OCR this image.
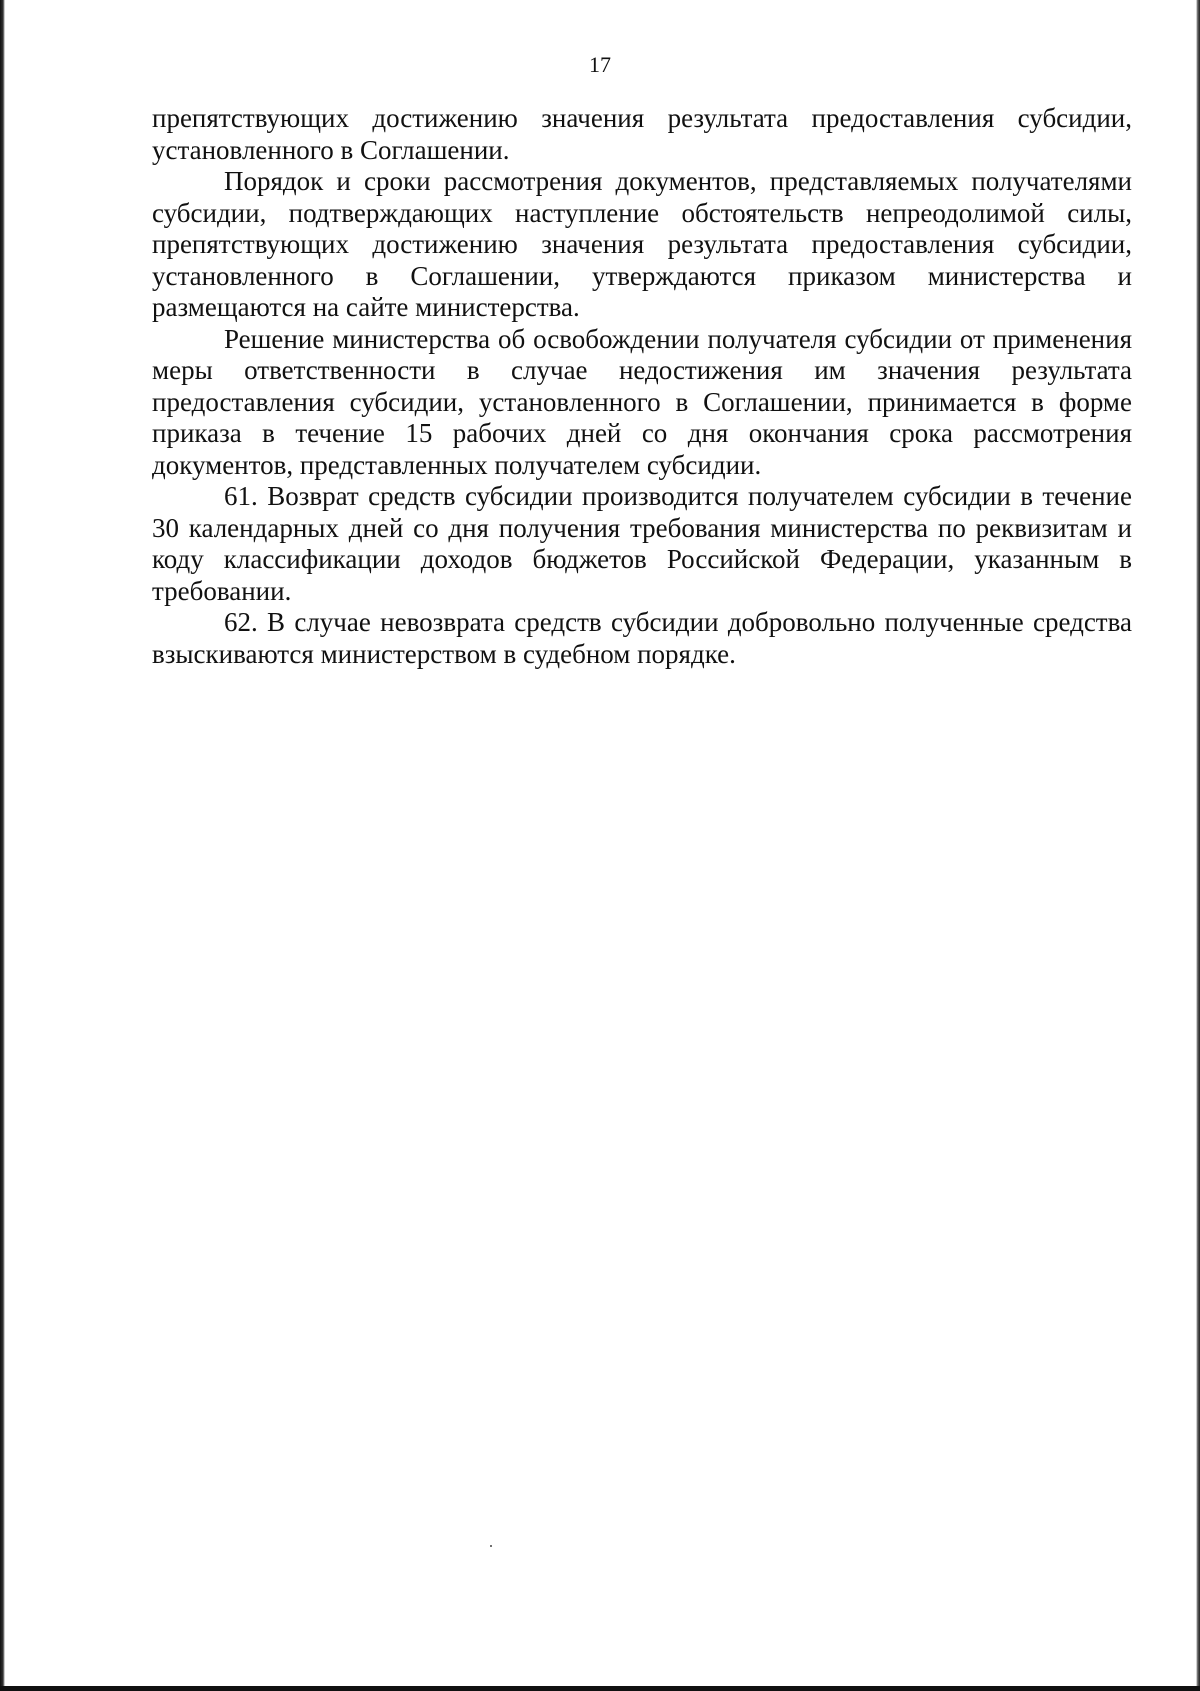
17

препятствующих достижению значения результата предоставления субсидии, установленного в Соглашении.

Порядок и сроки рассмотрения документов, представляемых получателями субсидии, подтверждающих наступление обстоятельств непреодолимой силы, препятствующих достижению значения результата предоставления субсидии, установленного в Соглашении, утверждаются приказом министерства и размещаются на сайте министерства.

Решение министерства об освобождении получателя субсидии от применения меры ответственности в случае недостижения им значения результата предоставления субсидии, установленного в Соглашении, принимается в форме приказа в течение 15 рабочих дней со дня окончания срока рассмотрения документов, представленных получателем субсидии.

61. Возврат средств субсидии производится получателем субсидии в течение 30 календарных дней со дня получения требования министерства по реквизитам и коду классификации доходов бюджетов Российской Федерации, указанным в требовании.

62. В случае невозврата средств субсидии добровольно полученные средства взыскиваются министерством в судебном порядке.
